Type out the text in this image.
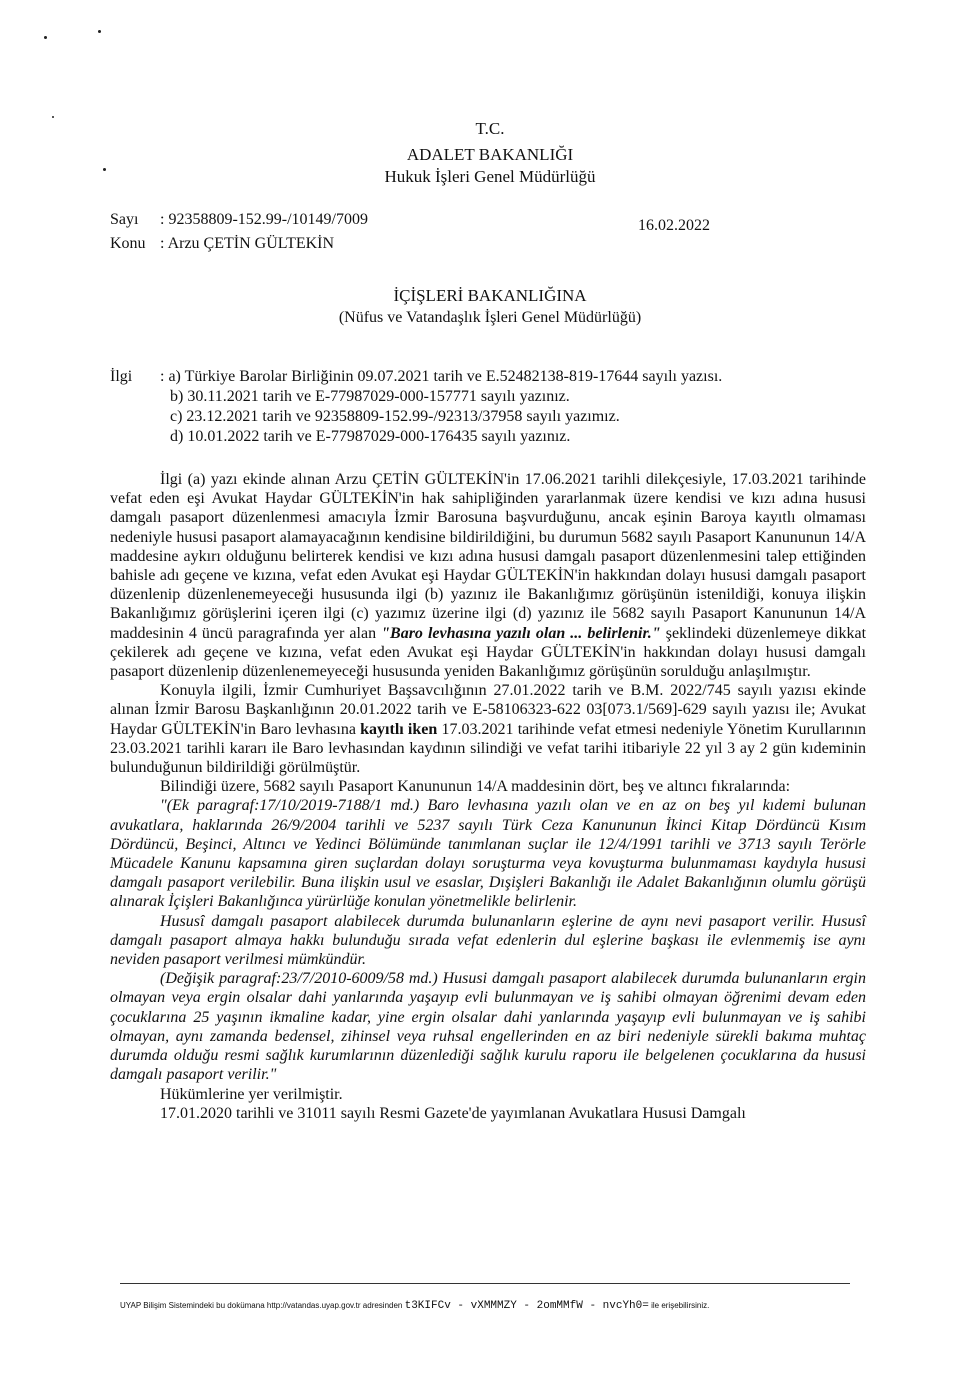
T.C.
ADALET BAKANLIĞI
Hukuk İşleri Genel Müdürlüğü
Sayı : 92358809-152.99-/10149/7009	16.02.2022
Konu : Arzu ÇETİN GÜLTEKİN
İÇİŞLERİ BAKANLIĞINA
(Nüfus ve Vatandaşlık İşleri Genel Müdürlüğü)
İlgi	: a) Türkiye Barolar Birliğinin 09.07.2021 tarih ve E.52482138-819-17644 sayılı yazısı.
b) 30.11.2021 tarih ve E-77987029-000-157771 sayılı yazınız.
c) 23.12.2021 tarih ve 92358809-152.99-/92313/37958 sayılı yazımız.
d) 10.01.2022 tarih ve E-77987029-000-176435 sayılı yazınız.

İlgi (a) yazı ekinde alınan Arzu ÇETİN GÜLTEKİN'in 17.06.2021 tarihli dilekçesiyle, 17.03.2021 tarihinde vefat eden eşi Avukat Haydar GÜLTEKİN'in hak sahipliğinden yararlanmak üzere kendisi ve kızı adına hususi damgalı pasaport düzenlenmesi amacıyla İzmir Barosuna başvurduğunu, ancak eşinin Baroya kayıtlı olmaması nedeniyle hususi pasaport alamayacağının kendisine bildirildiğini, bu durumun 5682 sayılı Pasaport Kanununun 14/A maddesine aykırı olduğunu belirterek kendisi ve kızı adına hususi damgalı pasaport düzenlenmesini talep ettiğinden bahisle adı geçene ve kızına, vefat eden Avukat eşi Haydar GÜLTEKİN'in hakkından dolayı hususi damgalı pasaport düzenlenip düzenlenemeyeceği hususunda ilgi (b) yazınız ile Bakanlığımız görüşünün istenildiği, konuya ilişkin Bakanlığımız görüşlerini içeren ilgi (c) yazımız üzerine ilgi (d) yazınız ile 5682 sayılı Pasaport Kanununun 14/A maddesinin 4 üncü paragrafında yer alan "Baro levhasına yazılı olan ... belirlenir." şeklindeki düzenlemeye dikkat çekilerek adı geçene ve kızına, vefat eden Avukat eşi Haydar GÜLTEKİN'in hakkından dolayı hususi damgalı pasaport düzenlenip düzenlenemeyeceği hususunda yeniden Bakanlığımız görüşünün sorulduğu anlaşılmıştır.

Konuyla ilgili, İzmir Cumhuriyet Başsavcılığının 27.01.2022 tarih ve B.M. 2022/745 sayılı yazısı ekinde alınan İzmir Barosu Başkanlığının 20.01.2022 tarih ve E-58106323-622 03[073.1/569]-629 sayılı yazısı ile; Avukat Haydar GÜLTEKİN'in Baro levhasına kayıtlı iken 17.03.2021 tarihinde vefat etmesi nedeniyle Yönetim Kurullarının 23.03.2021 tarihli kararı ile Baro levhasından kaydının silindiği ve vefat tarihi itibariyle 22 yıl 3 ay 2 gün kıdeminin bulunduğunun bildirildiği görülmüştür.

Bilindiği üzere, 5682 sayılı Pasaport Kanununun 14/A maddesinin dört, beş ve altıncı fıkralarında:

"(Ek paragraf:17/10/2019-7188/1 md.) Baro levhasına yazılı olan ve en az on beş yıl kıdemi bulunan avukatlara, haklarında 26/9/2004 tarihli ve 5237 sayılı Türk Ceza Kanununun İkinci Kitap Dördüncü Kısım Dördüncü, Beşinci, Altıncı ve Yedinci Bölümünde tanımlanan suçlar ile 12/4/1991 tarihli ve 3713 sayılı Terörle Mücadele Kanunu kapsamına giren suçlardan dolayı soruşturma veya kovuşturma bulunmaması kaydıyla hususi damgalı pasaport verilebilir. Buna ilişkin usul ve esaslar, Dışişleri Bakanlığı ile Adalet Bakanlığının olumlu görüşü alınarak İçişleri Bakanlığınca yürürlüğe konulan yönetmelikle belirlenir.

Hususî damgalı pasaport alabilecek durumda bulunanların eşlerine de aynı nevi pasaport verilir. Hususî damgalı pasaport almaya hakkı bulunduğu sırada vefat edenlerin dul eşlerine başkası ile evlenmemiş ise aynı neviden pasaport verilmesi mümkündür.

(Değişik paragraf:23/7/2010-6009/58 md.) Hususi damgalı pasaport alabilecek durumda bulunanların ergin olmayan veya ergin olsalar dahi yanlarında yaşayıp evli bulunmayan ve iş sahibi olmayan öğrenimi devam eden çocuklarına 25 yaşının ikmaline kadar, yine ergin olsalar dahi yanlarında yaşayıp evli bulunmayan ve iş sahibi olmayan, aynı zamanda bedensel, zihinsel veya ruhsal engellerinden en az biri nedeniyle sürekli bakıma muhtaç durumda olduğu resmi sağlık kurumlarının düzenlediği sağlık kurulu raporu ile belgelenen çocuklarına da hususi damgalı pasaport verilir."

Hükümlerine yer verilmiştir.

17.01.2020 tarihli ve 31011 sayılı Resmi Gazete'de yayımlanan Avukatlara Hususi Damgalı

UYAP Bilişim Sistemindeki bu dokümana http://vatandas.uyap.gov.tr adresinden t3KIFCv - vXMMMZY - 2omMMfW - nvcYh0= ile erişebilirsiniz.
